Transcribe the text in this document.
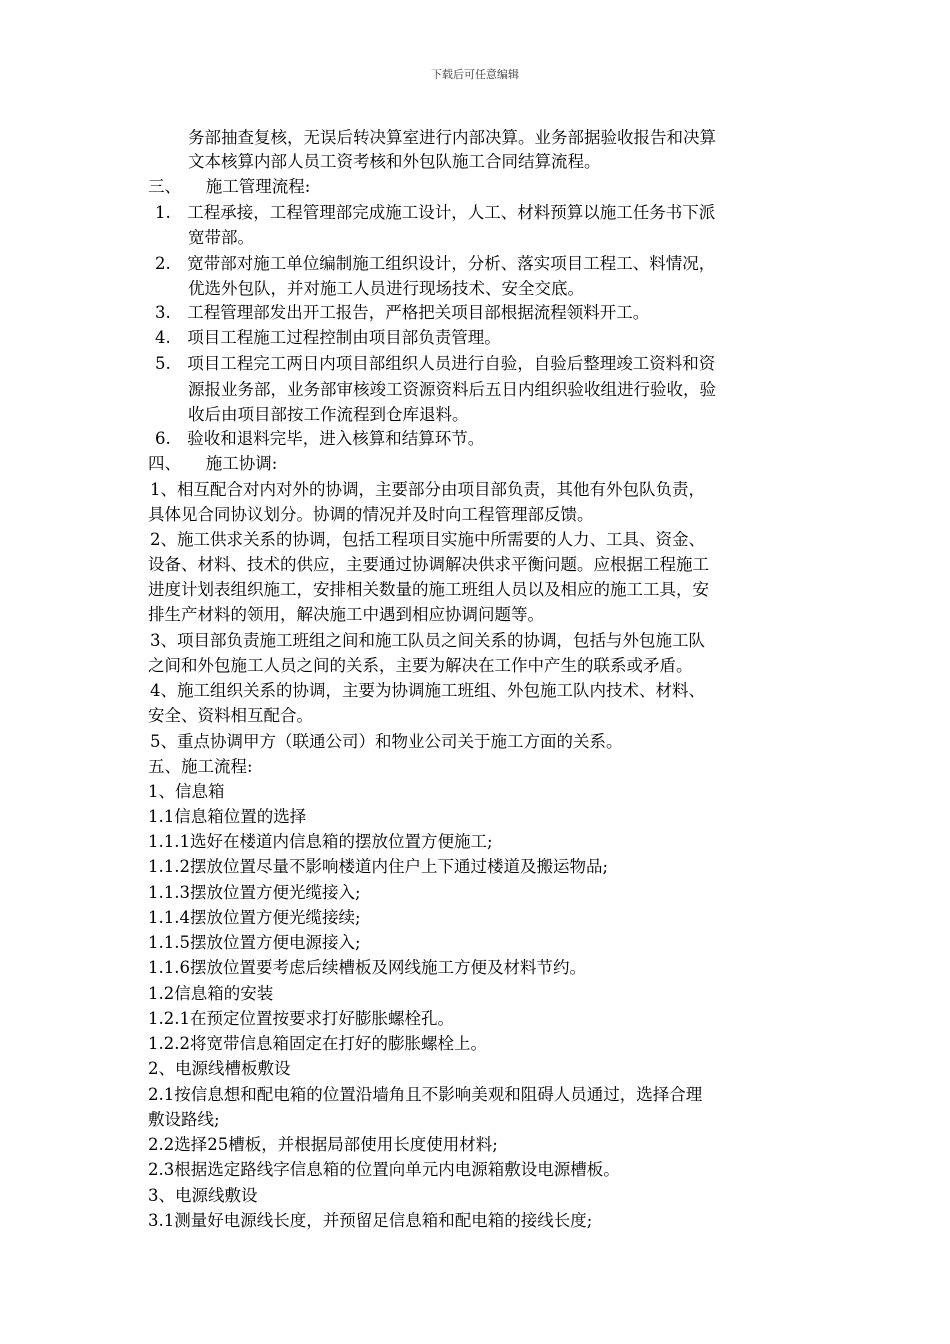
下载后可任意编辑
务部抽查复核，无误后转决算室进行内部决算。业务部据验收报告和决算
文本核算内部人员工资考核和外包队施工合同结算流程。
三、　　施工管理流程:
1.　工程承接，工程管理部完成施工设计，人工、材料预算以施工任务书下派
宽带部。
2.　宽带部对施工单位编制施工组织设计，分析、落实项目工程工、料情况，
优选外包队，并对施工人员进行现场技术、安全交底。
3.　工程管理部发出开工报告，严格把关项目部根据流程领料开工。
4.　项目工程施工过程控制由项目部负责管理。
5.　项目工程完工两日内项目部组织人员进行自验，自验后整理竣工资料和资
源报业务部，业务部审核竣工资源资料后五日内组织验收组进行验收，验
收后由项目部按工作流程到仓库退料。
6.　验收和退料完毕，进入核算和结算环节。
四、　　施工协调:
1、相互配合对内对外的协调，主要部分由项目部负责，其他有外包队负责，
具体见合同协议划分。协调的情况并及时向工程管理部反馈。
2、施工供求关系的协调，包括工程项目实施中所需要的人力、工具、资金、
设备、材料、技术的供应，主要通过协调解决供求平衡问题。应根据工程施工
进度计划表组织施工，安排相关数量的施工班组人员以及相应的施工工具，安
排生产材料的领用，解决施工中遇到相应协调问题等。
3、项目部负责施工班组之间和施工队员之间关系的协调，包括与外包施工队
之间和外包施工人员之间的关系，主要为解决在工作中产生的联系或矛盾。
4、施工组织关系的协调，主要为协调施工班组、外包施工队内技术、材料、
安全、资料相互配合。
5、重点协调甲方（联通公司）和物业公司关于施工方面的关系。
五、施工流程:
1、信息箱
1.1信息箱位置的选择
1.1.1选好在楼道内信息箱的摆放位置方便施工;
1.1.2摆放位置尽量不影响楼道内住户上下通过楼道及搬运物品;
1.1.3摆放位置方便光缆接入;
1.1.4摆放位置方便光缆接续;
1.1.5摆放位置方便电源接入;
1.1.6摆放位置要考虑后续槽板及网线施工方便及材料节约。
1.2信息箱的安装
1.2.1在预定位置按要求打好膨胀螺栓孔。
1.2.2将宽带信息箱固定在打好的膨胀螺栓上。
2、电源线槽板敷设
2.1按信息想和配电箱的位置沿墙角且不影响美观和阻碍人员通过，选择合理
敷设路线;
2.2选择25槽板，并根据局部使用长度使用材料;
2.3根据选定路线字信息箱的位置向单元内电源箱敷设电源槽板。
3、电源线敷设
3.1测量好电源线长度，并预留足信息箱和配电箱的接线长度;
